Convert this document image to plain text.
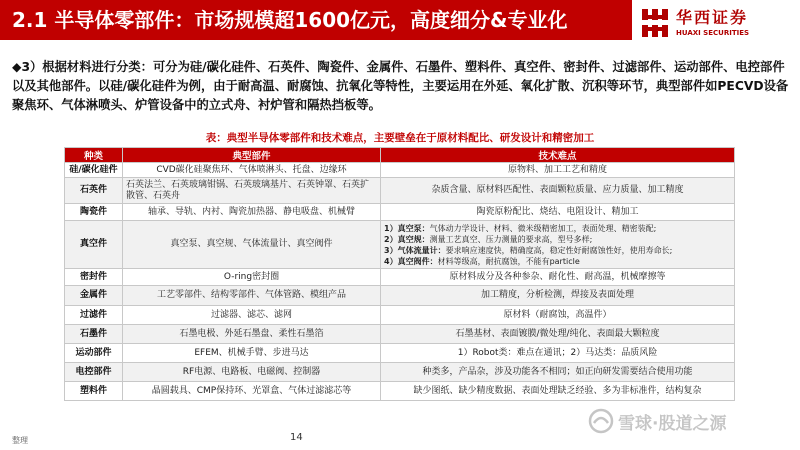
2.1 半导体零部件：市场规模超1600亿元，高度细分&专业化	华西证券
HUAXI SECURITIES
◆3）根据材料进行分类：可分为硅/碳化硅件、石英件、陶瓷件、金属件、石墨件、塑料件、真空件、密封件、过滤部件、运动部件、电控部件以及其他部件。以硅/碳化硅件为例，由于耐高温、耐腐蚀、抗氧化等特性，主要运用在外延、氧化扩散、沉积等环节，典型部件如PECVD设备聚焦环、气体淋喷头、炉管设备中的立式舟、衬炉管和隔热挡板等。
表：典型半导体零部件和技术难点，主要壁垒在于原材料配比、研发设计和精密加工
种类	典型部件	技术难点
硅/碳化硅件	CVD碳化硅聚焦环、气体喷淋头、托盘、边缘环	原物料、加工工艺和精度
石英件	石英法兰、石英玻璃钳锅、石英玻璃基片、石英钟罩、石英扩散管、石英舟	杂质含量、原材料匹配性、表面颗粒质量、应力质量、加工精度
陶瓷件	轴承、导轨、内衬、陶瓷加热器、静电吸盘、机械臂	陶瓷原粉配比、烧结、电阻设计、精加工
真空件	真空泵、真空规、气体流量计、真空阀件	1）真空泵：气体动力学设计、材料、微米级精密加工，表面处理、精密装配;
2）真空规：测量工艺真空、压力测量的要求高，型号多样;
3）气体流量计：要求响应速度快，精确度高，稳定性好耐腐蚀性好，使用寿命长;
4）真空阀件：材料等级高，耐抗腐蚀，不能有particle

密封件	O-ring密封圈	原材料成分及各种参杂、耐化性、耐高温，机械摩擦等
金属件	工艺零部件、结构零部件、气体管路、模组产品	加工精度，分析检测，焊接及表面处理
过滤件	过滤器、滤芯、滤网	原材料（耐腐蚀，高温件）
石墨件	石墨电极、外延石墨盘、柔性石墨箔	石墨基材、表面镀膜/微处理/纯化、表面最大颗粒度
运动部件	EFEM、机械手臂、步进马达	1）Robot类：难点在通讯；2）马达类：品质风险
电控部件	RF电源、电路板、电磁阀、控制器	种类多，产品杂，涉及功能各不相同；如正向研发需要结合使用功能
塑料件	晶圆载具、CMP保持环、光罩盒、气体过滤滤芯等	缺少图纸、缺少精度数据、表面处理缺乏经验、多为非标准件，结构复杂
整理	14
雪球·股道之源
